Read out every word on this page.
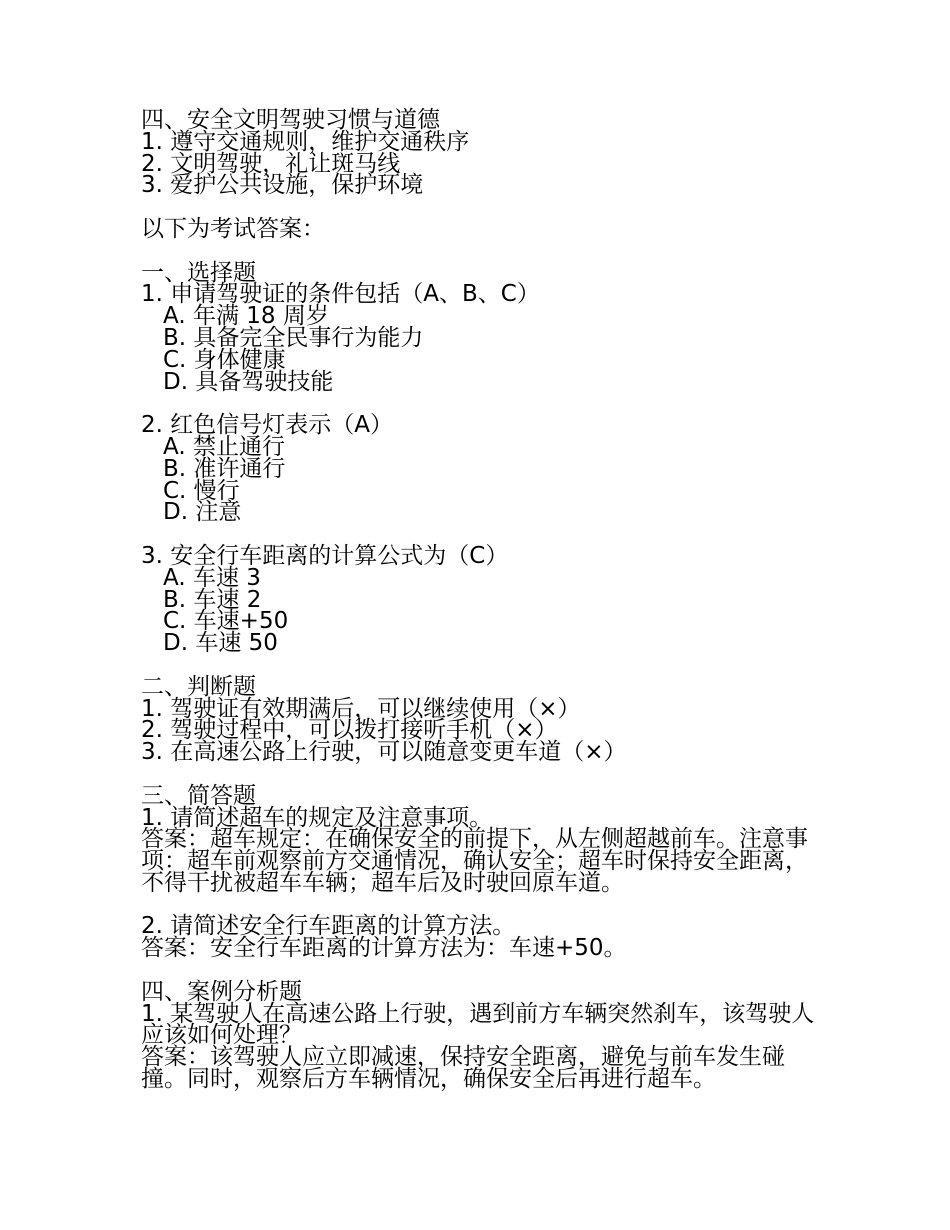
四、安全文明驾驶习惯与道德
1. 遵守交通规则，维护交通秩序
2. 文明驾驶，礼让斑马线
3. 爱护公共设施，保护环境
以下为考试答案：
一、选择题
1. 申请驾驶证的条件包括（A、B、C）
A. 年满 18 周岁
B. 具备完全民事行为能力
C. 身体健康
D. 具备驾驶技能
2. 红色信号灯表示（A）
A. 禁止通行
B. 准许通行
C. 慢行
D. 注意
3. 安全行车距离的计算公式为（C）
A. 车速 3
B. 车速 2
C. 车速+50
D. 车速 50
二、判断题
1. 驾驶证有效期满后，可以继续使用（×）
2. 驾驶过程中，可以拨打接听手机（×）
3. 在高速公路上行驶，可以随意变更车道（×）
三、简答题
1. 请简述超车的规定及注意事项。
答案：超车规定：在确保安全的前提下，从左侧超越前车。注意事项：超车前观察前方交通情况，确认安全；超车时保持安全距离，不得干扰被超车车辆；超车后及时驶回原车道。
2. 请简述安全行车距离的计算方法。
答案：安全行车距离的计算方法为：车速+50。
四、案例分析题
1. 某驾驶人在高速公路上行驶，遇到前方车辆突然刹车，该驾驶人应该如何处理？
答案：该驾驶人应立即减速，保持安全距离，避免与前车发生碰撞。同时，观察后方车辆情况，确保安全后再进行超车。
